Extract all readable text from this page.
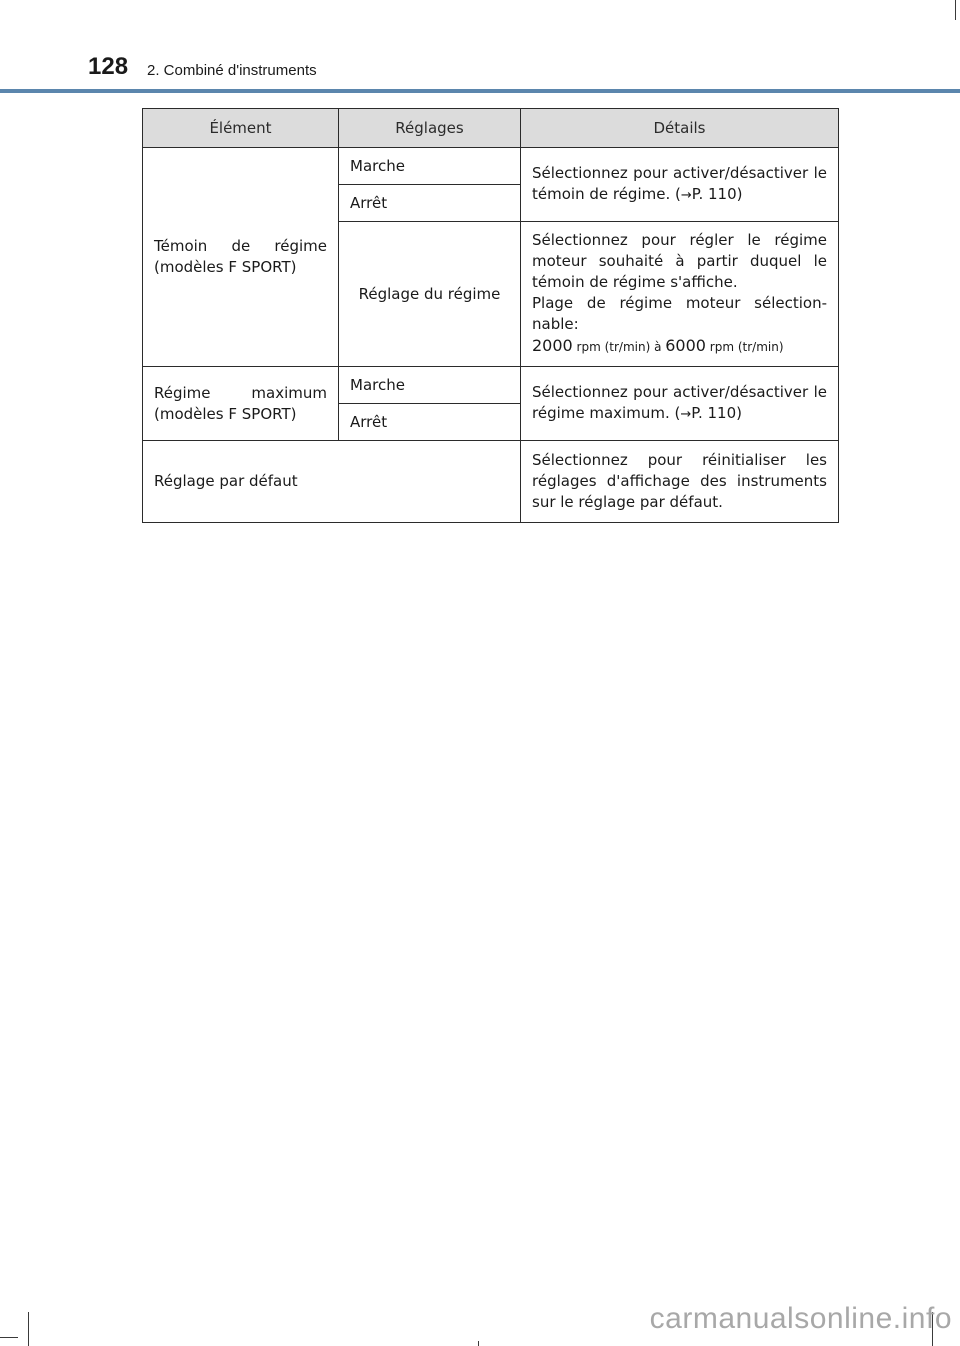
128 2. Combiné d'instruments
Élément	Réglages	Détails
Témoin de régime (modèles F SPORT)	Marche	Sélectionnez pour activer/désactiver le témoin de régime. (→P. 110)
	Arrêt	
	Réglage du régime	Sélectionnez pour régler le régime moteur souhaité à partir duquel le témoin de régime s'affiche.
Plage de régime moteur sélection-nable:
2000 rpm (tr/min) à 6000 rpm (tr/min)

Régime maximum (modèles F SPORT)	Marche	Sélectionnez pour activer/désactiver le régime maximum. (→P. 110)
	Arrêt	
Réglage par défaut		Sélectionnez pour réinitialiser les réglages d'affichage des instruments sur le réglage par défaut.
carmanualsonline.info
